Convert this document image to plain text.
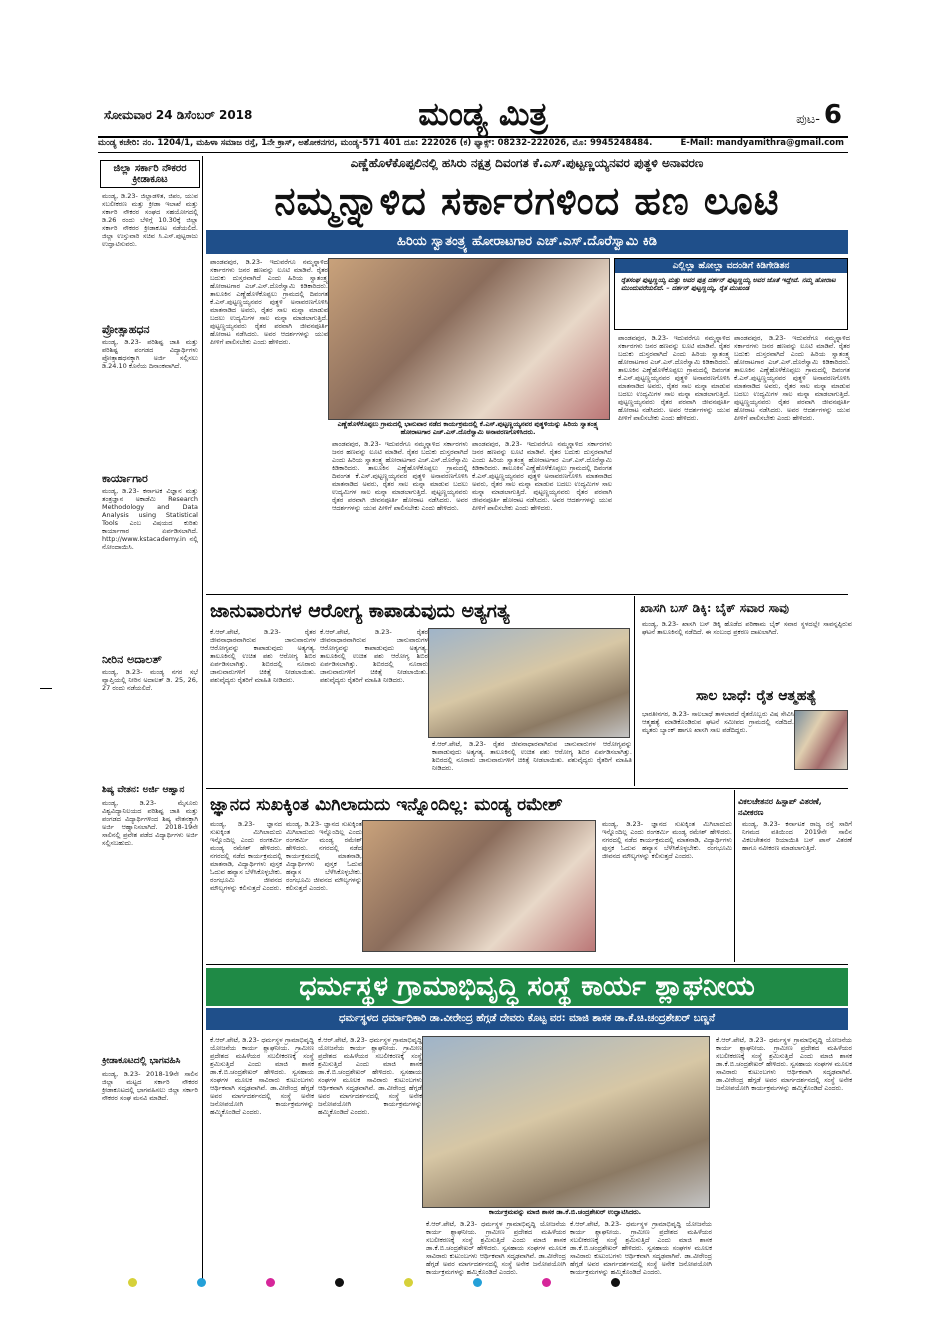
ಸೋಮವಾರ 24 ಡಿಸೆಂಬರ್ 2018	ಮಂಡ್ಯ ಮಿತ್ರ	ಪುಟ- 6
ಮಂಡ್ಯ ಕಚೇರಿ: ನಂ. 1204/1, ಮಹಿಳಾ ಸಮಾಜ ರಸ್ತೆ, 1ನೇ ಕ್ರಾಸ್, ಅಶೋಕನಗರ, ಮಂಡ್ಯ-571 401 ದೂ: 222026 (ಕ) ಫ್ಯಾಕ್ಸ್: 08232-222026, ಮೊ: 9945248484.	E-Mail: mandyamithra@gmail.com
ಜಿಲ್ಲಾ ಸರ್ಕಾರಿ ನೌಕರರ ಕ್ರೀಡಾಕೂಟ
ಮಂಡ್ಯ, ಡಿ.23- ಜಿಲ್ಲಾಡಳಿತ, ಜಿಪಂ, ಯುವ ಸಬಲೀಕರಣ ಮತ್ತು ಕ್ರೀಡಾ ಇಲಾಖೆ ಮತ್ತು ಸರ್ಕಾರಿ ನೌಕರರ ಸಂಘದ ಸಹಯೋಗದಲ್ಲಿ ಡಿ.26 ರಂದು ಬೆಳಿಗ್ಗೆ 10.30ಕ್ಕೆ ಜಿಲ್ಲಾ ಸರ್ಕಾರಿ ನೌಕರರ ಕ್ರೀಡಾಕೂಟ ನಡೆಯಲಿದೆ. ಜಿಲ್ಲಾ ಉಸ್ತುವಾರಿ ಸಚಿವ ಸಿ.ಎಸ್.ಪುಟ್ಟರಾಜು ಉದ್ಘಾಟಿಸುವರು.
ಪ್ರೋತ್ಸಾಹಧನ
ಮಂಡ್ಯ, ಡಿ.23- ಪರಿಶಿಷ್ಟ ಜಾತಿ ಮತ್ತು ಪರಿಶಿಷ್ಟ ಪಂಗಡದ ವಿದ್ಯಾರ್ಥಿಗಳು ಪ್ರೋತ್ಸಾಹಧನಕ್ಕಾಗಿ ಅರ್ಜಿ ಸಲ್ಲಿಸಲು ಡಿ.24.10 ಕೊನೆಯ ದಿನಾಂಕವಾಗಿದೆ.
ಕಾರ್ಯಾಗಾರ
ಮಂಡ್ಯ, ಡಿ.23- ಕರ್ನಾಟಕ ವಿಜ್ಞಾನ ಮತ್ತು ತಂತ್ರಜ್ಞಾನ ಅಕಾಡೆಮಿ Research Methodology and Data Analysis using Statistical Tools ಎಂಬ ವಿಷಯದ ಕುರಿತು ಕಾರ್ಯಾಗಾರ ಏರ್ಪಡಿಸಲಾಗಿದೆ. http://www.kstacademy.in ನಲ್ಲಿ ನೋಂದಾಯಿಸಿ.
ನೀರಿನ ಅದಾಲತ್
ಮಂಡ್ಯ, ಡಿ.23- ಮಂಡ್ಯ ನಗರ ಸಭೆ ವ್ಯಾಪ್ತಿಯಲ್ಲಿ ನೀರಿನ ಅದಾಲತ್ ಡಿ. 25, 26, 27 ರಂದು ನಡೆಯಲಿದೆ.
ಶಿಷ್ಯ ವೇತನ: ಅರ್ಜಿ ಆಹ್ವಾನ
ಮಂಡ್ಯ, ಡಿ.23- ಮೈಸೂರು ವಿಶ್ವವಿದ್ಯಾನಿಲಯದ ಪರಿಶಿಷ್ಟ ಜಾತಿ ಮತ್ತು ಪಂಗಡದ ವಿದ್ಯಾರ್ಥಿಗಳಿಂದ ಶಿಷ್ಯ ವೇತನಕ್ಕಾಗಿ ಅರ್ಜಿ ಆಹ್ವಾನಿಸಲಾಗಿದೆ. 2018-19ನೇ ಸಾಲಿನಲ್ಲಿ ಪ್ರವೇಶ ಪಡೆದ ವಿದ್ಯಾರ್ಥಿಗಳು ಅರ್ಜಿ ಸಲ್ಲಿಸಬಹುದು.
ಕ್ರೀಡಾಕೂಟದಲ್ಲಿ ಭಾಗವಹಿಸಿ
ಮಂಡ್ಯ, ಡಿ.23- 2018-19ನೇ ಸಾಲಿನ ಜಿಲ್ಲಾ ಮಟ್ಟದ ಸರ್ಕಾರಿ ನೌಕರರ ಕ್ರೀಡಾಕೂಟದಲ್ಲಿ ಭಾಗವಹಿಸಲು ಜಿಲ್ಲಾ ಸರ್ಕಾರಿ ನೌಕರರ ಸಂಘ ಮನವಿ ಮಾಡಿದೆ.
ಎಣ್ಣೆಹೊಳೆಕೊಪ್ಪಲಿನಲ್ಲಿ ಹಸಿರು ನಕ್ಷತ್ರ ದಿವಂಗತ ಕೆ.ಎಸ್.ಪುಟ್ಟಣ್ಣಯ್ಯನವರ ಪುತ್ಥಳಿ ಅನಾವರಣ
ನಮ್ಮನ್ನಾಳಿದ ಸರ್ಕಾರಗಳಿಂದ ಹಣ ಲೂಟಿ
ಹಿರಿಯ ಸ್ವಾತಂತ್ರ್ಯ ಹೋರಾಟಗಾರ ಎಚ್.ಎಸ್.ದೊರೆಸ್ವಾಮಿ ಕಿಡಿ
ಎಣ್ಣೆಹೊಳೆಕೊಪ್ಪಲು ಗ್ರಾಮದಲ್ಲಿ ಭಾನುವಾರ ನಡೆದ ಕಾರ್ಯಕ್ರಮದಲ್ಲಿ ಕೆ.ಎಸ್.ಪುಟ್ಟಣ್ಣಯ್ಯನವರ ಪುತ್ಥಳಿಯನ್ನು ಹಿರಿಯ ಸ್ವಾತಂತ್ರ್ಯ ಹೋರಾಟಗಾರ ಎಚ್.ಎಸ್.ದೊರೆಸ್ವಾಮಿ ಅನಾವರಣಗೊಳಿಸಿದರು.
ಎಲ್ಲಿಲ್ಲಾ ಹೋಲ್ಲಾ ವದಂಡಿಗೆ ಕಿಡಿಗೇಡಿತನ
ರೈತಸಂಘ ಪುಟ್ಟಣ್ಣಯ್ಯ ಮತ್ತು ಅವರ ಪುತ್ರ ದರ್ಶನ್ ಪುಟ್ಟಣ್ಣಯ್ಯ ಅವರ ಜೊತೆ ಇದ್ದೇವೆ. ನಮ್ಮ ಹೋರಾಟ ಮುಂದುವರೆಯಲಿದೆ. – ದರ್ಶನ್ ಪುಟ್ಟಣ್ಣಯ್ಯ, ರೈತ ಮುಖಂಡ
ಪಾಂಡವಪುರ, ಡಿ.23- ಇದುವರೆಗೂ ನಮ್ಮನ್ನಾಳಿದ ಸರ್ಕಾರಗಳು ಜನರ ಹಣವನ್ನು ಲೂಟಿ ಮಾಡಿವೆ. ರೈತರ ಬದುಕು ದುಸ್ತರವಾಗಿದೆ ಎಂದು ಹಿರಿಯ ಸ್ವಾತಂತ್ರ್ಯ ಹೋರಾಟಗಾರ ಎಚ್.ಎಸ್.ದೊರೆಸ್ವಾಮಿ ಕಿಡಿಕಾರಿದರು. ತಾಲೂಕಿನ ಎಣ್ಣೆಹೊಳೆಕೊಪ್ಪಲು ಗ್ರಾಮದಲ್ಲಿ ದಿವಂಗತ ಕೆ.ಎಸ್.ಪುಟ್ಟಣ್ಣಯ್ಯನವರ ಪುತ್ಥಳಿ ಅನಾವರಣಗೊಳಿಸಿ ಮಾತನಾಡಿದ ಅವರು, ರೈತರ ಸಾಲ ಮನ್ನಾ ಮಾಡುವ ಬದಲು ಉದ್ಯಮಿಗಳ ಸಾಲ ಮನ್ನಾ ಮಾಡಲಾಗುತ್ತಿದೆ. ಪುಟ್ಟಣ್ಣಯ್ಯನವರು ರೈತರ ಪರವಾಗಿ ಜೀವನಪೂರ್ತಿ ಹೋರಾಟ ನಡೆಸಿದರು. ಅವರ ಆದರ್ಶಗಳನ್ನು ಯುವ ಪೀಳಿಗೆ ಪಾಲಿಸಬೇಕು ಎಂದು ಹೇಳಿದರು.
ಪಾಂಡವಪುರ, ಡಿ.23- ಇದುವರೆಗೂ ನಮ್ಮನ್ನಾಳಿದ ಸರ್ಕಾರಗಳು ಜನರ ಹಣವನ್ನು ಲೂಟಿ ಮಾಡಿವೆ. ರೈತರ ಬದುಕು ದುಸ್ತರವಾಗಿದೆ ಎಂದು ಹಿರಿಯ ಸ್ವಾತಂತ್ರ್ಯ ಹೋರಾಟಗಾರ ಎಚ್.ಎಸ್.ದೊರೆಸ್ವಾಮಿ ಕಿಡಿಕಾರಿದರು. ತಾಲೂಕಿನ ಎಣ್ಣೆಹೊಳೆಕೊಪ್ಪಲು ಗ್ರಾಮದಲ್ಲಿ ದಿವಂಗತ ಕೆ.ಎಸ್.ಪುಟ್ಟಣ್ಣಯ್ಯನವರ ಪುತ್ಥಳಿ ಅನಾವರಣಗೊಳಿಸಿ ಮಾತನಾಡಿದ ಅವರು, ರೈತರ ಸಾಲ ಮನ್ನಾ ಮಾಡುವ ಬದಲು ಉದ್ಯಮಿಗಳ ಸಾಲ ಮನ್ನಾ ಮಾಡಲಾಗುತ್ತಿದೆ. ಪುಟ್ಟಣ್ಣಯ್ಯನವರು ರೈತರ ಪರವಾಗಿ ಜೀವನಪೂರ್ತಿ ಹೋರಾಟ ನಡೆಸಿದರು. ಅವರ ಆದರ್ಶಗಳನ್ನು ಯುವ ಪೀಳಿಗೆ ಪಾಲಿಸಬೇಕು ಎಂದು ಹೇಳಿದರು.
ಪಾಂಡವಪುರ, ಡಿ.23- ಇದುವರೆಗೂ ನಮ್ಮನ್ನಾಳಿದ ಸರ್ಕಾರಗಳು ಜನರ ಹಣವನ್ನು ಲೂಟಿ ಮಾಡಿವೆ. ರೈತರ ಬದುಕು ದುಸ್ತರವಾಗಿದೆ ಎಂದು ಹಿರಿಯ ಸ್ವಾತಂತ್ರ್ಯ ಹೋರಾಟಗಾರ ಎಚ್.ಎಸ್.ದೊರೆಸ್ವಾಮಿ ಕಿಡಿಕಾರಿದರು. ತಾಲೂಕಿನ ಎಣ್ಣೆಹೊಳೆಕೊಪ್ಪಲು ಗ್ರಾಮದಲ್ಲಿ ದಿವಂಗತ ಕೆ.ಎಸ್.ಪುಟ್ಟಣ್ಣಯ್ಯನವರ ಪುತ್ಥಳಿ ಅನಾವರಣಗೊಳಿಸಿ ಮಾತನಾಡಿದ ಅವರು, ರೈತರ ಸಾಲ ಮನ್ನಾ ಮಾಡುವ ಬದಲು ಉದ್ಯಮಿಗಳ ಸಾಲ ಮನ್ನಾ ಮಾಡಲಾಗುತ್ತಿದೆ. ಪುಟ್ಟಣ್ಣಯ್ಯನವರು ರೈತರ ಪರವಾಗಿ ಜೀವನಪೂರ್ತಿ ಹೋರಾಟ ನಡೆಸಿದರು. ಅವರ ಆದರ್ಶಗಳನ್ನು ಯುವ ಪೀಳಿಗೆ ಪಾಲಿಸಬೇಕು ಎಂದು ಹೇಳಿದರು.
ಪಾಂಡವಪುರ, ಡಿ.23- ಇದುವರೆಗೂ ನಮ್ಮನ್ನಾಳಿದ ಸರ್ಕಾರಗಳು ಜನರ ಹಣವನ್ನು ಲೂಟಿ ಮಾಡಿವೆ. ರೈತರ ಬದುಕು ದುಸ್ತರವಾಗಿದೆ ಎಂದು ಹಿರಿಯ ಸ್ವಾತಂತ್ರ್ಯ ಹೋರಾಟಗಾರ ಎಚ್.ಎಸ್.ದೊರೆಸ್ವಾಮಿ ಕಿಡಿಕಾರಿದರು. ತಾಲೂಕಿನ ಎಣ್ಣೆಹೊಳೆಕೊಪ್ಪಲು ಗ್ರಾಮದಲ್ಲಿ ದಿವಂಗತ ಕೆ.ಎಸ್.ಪುಟ್ಟಣ್ಣಯ್ಯನವರ ಪುತ್ಥಳಿ ಅನಾವರಣಗೊಳಿಸಿ ಮಾತನಾಡಿದ ಅವರು, ರೈತರ ಸಾಲ ಮನ್ನಾ ಮಾಡುವ ಬದಲು ಉದ್ಯಮಿಗಳ ಸಾಲ ಮನ್ನಾ ಮಾಡಲಾಗುತ್ತಿದೆ. ಪುಟ್ಟಣ್ಣಯ್ಯನವರು ರೈತರ ಪರವಾಗಿ ಜೀವನಪೂರ್ತಿ ಹೋರಾಟ ನಡೆಸಿದರು. ಅವರ ಆದರ್ಶಗಳನ್ನು ಯುವ ಪೀಳಿಗೆ ಪಾಲಿಸಬೇಕು ಎಂದು ಹೇಳಿದರು.
ಪಾಂಡವಪುರ, ಡಿ.23- ಇದುವರೆಗೂ ನಮ್ಮನ್ನಾಳಿದ ಸರ್ಕಾರಗಳು ಜನರ ಹಣವನ್ನು ಲೂಟಿ ಮಾಡಿವೆ. ರೈತರ ಬದುಕು ದುಸ್ತರವಾಗಿದೆ ಎಂದು ಹಿರಿಯ ಸ್ವಾತಂತ್ರ್ಯ ಹೋರಾಟಗಾರ ಎಚ್.ಎಸ್.ದೊರೆಸ್ವಾಮಿ ಕಿಡಿಕಾರಿದರು. ತಾಲೂಕಿನ ಎಣ್ಣೆಹೊಳೆಕೊಪ್ಪಲು ಗ್ರಾಮದಲ್ಲಿ ದಿವಂಗತ ಕೆ.ಎಸ್.ಪುಟ್ಟಣ್ಣಯ್ಯನವರ ಪುತ್ಥಳಿ ಅನಾವರಣಗೊಳಿಸಿ ಮಾತನಾಡಿದ ಅವರು, ರೈತರ ಸಾಲ ಮನ್ನಾ ಮಾಡುವ ಬದಲು ಉದ್ಯಮಿಗಳ ಸಾಲ ಮನ್ನಾ ಮಾಡಲಾಗುತ್ತಿದೆ. ಪುಟ್ಟಣ್ಣಯ್ಯನವರು ರೈತರ ಪರವಾಗಿ ಜೀವನಪೂರ್ತಿ ಹೋರಾಟ ನಡೆಸಿದರು. ಅವರ ಆದರ್ಶಗಳನ್ನು ಯುವ ಪೀಳಿಗೆ ಪಾಲಿಸಬೇಕು ಎಂದು ಹೇಳಿದರು.
ಜಾನುವಾರುಗಳ ಆರೋಗ್ಯ ಕಾಪಾಡುವುದು ಅತ್ಯಗತ್ಯ
ಕೆ.ಆರ್.ಪೇಟೆ, ಡಿ.23- ರೈತರ ಜೀವನಾಧಾರವಾಗಿರುವ ಜಾನುವಾರುಗಳ ಆರೋಗ್ಯವನ್ನು ಕಾಪಾಡುವುದು ಅತ್ಯಗತ್ಯ. ತಾಲೂಕಿನಲ್ಲಿ ಉಚಿತ ಪಶು ಆರೋಗ್ಯ ಶಿಬಿರ ಏರ್ಪಡಿಸಲಾಗಿತ್ತು. ಶಿಬಿರದಲ್ಲಿ ನೂರಾರು ಜಾನುವಾರುಗಳಿಗೆ ಚಿಕಿತ್ಸೆ ನೀಡಲಾಯಿತು. ಪಶುವೈದ್ಯರು ರೈತರಿಗೆ ಮಾಹಿತಿ ನೀಡಿದರು.
ಕೆ.ಆರ್.ಪೇಟೆ, ಡಿ.23- ರೈತರ ಜೀವನಾಧಾರವಾಗಿರುವ ಜಾನುವಾರುಗಳ ಆರೋಗ್ಯವನ್ನು ಕಾಪಾಡುವುದು ಅತ್ಯಗತ್ಯ. ತಾಲೂಕಿನಲ್ಲಿ ಉಚಿತ ಪಶು ಆರೋಗ್ಯ ಶಿಬಿರ ಏರ್ಪಡಿಸಲಾಗಿತ್ತು. ಶಿಬಿರದಲ್ಲಿ ನೂರಾರು ಜಾನುವಾರುಗಳಿಗೆ ಚಿಕಿತ್ಸೆ ನೀಡಲಾಯಿತು. ಪಶುವೈದ್ಯರು ರೈತರಿಗೆ ಮಾಹಿತಿ ನೀಡಿದರು.
ಕೆ.ಆರ್.ಪೇಟೆ, ಡಿ.23- ರೈತರ ಜೀವನಾಧಾರವಾಗಿರುವ ಜಾನುವಾರುಗಳ ಆರೋಗ್ಯವನ್ನು ಕಾಪಾಡುವುದು ಅತ್ಯಗತ್ಯ. ತಾಲೂಕಿನಲ್ಲಿ ಉಚಿತ ಪಶು ಆರೋಗ್ಯ ಶಿಬಿರ ಏರ್ಪಡಿಸಲಾಗಿತ್ತು. ಶಿಬಿರದಲ್ಲಿ ನೂರಾರು ಜಾನುವಾರುಗಳಿಗೆ ಚಿಕಿತ್ಸೆ ನೀಡಲಾಯಿತು. ಪಶುವೈದ್ಯರು ರೈತರಿಗೆ ಮಾಹಿತಿ ನೀಡಿದರು.
ಖಾಸಗಿ ಬಸ್ ಡಿಕ್ಕಿ: ಬೈಕ್ ಸವಾರ ಸಾವು
ಮಂಡ್ಯ, ಡಿ.23- ಖಾಸಗಿ ಬಸ್ ಡಿಕ್ಕಿ ಹೊಡೆದ ಪರಿಣಾಮ ಬೈಕ್ ಸವಾರ ಸ್ಥಳದಲ್ಲೇ ಸಾವನ್ನಪ್ಪಿರುವ ಘಟನೆ ತಾಲೂಕಿನಲ್ಲಿ ನಡೆದಿದೆ. ಈ ಸಂಬಂಧ ಪ್ರಕರಣ ದಾಖಲಾಗಿದೆ.
ಸಾಲ ಬಾಧೆ: ರೈತ ಆತ್ಮಹತ್ಯೆ
ಭಾರತೀನಗರ, ಡಿ.23- ಸಾಲಬಾಧೆ ತಾಳಲಾರದೆ ರೈತರೊಬ್ಬರು ವಿಷ ಸೇವಿಸಿ ಆತ್ಮಹತ್ಯೆ ಮಾಡಿಕೊಂಡಿರುವ ಘಟನೆ ಸಮೀಪದ ಗ್ರಾಮದಲ್ಲಿ ನಡೆದಿದೆ. ಮೃತರು ಬ್ಯಾಂಕ್ ಹಾಗೂ ಖಾಸಗಿ ಸಾಲ ಪಡೆದಿದ್ದರು.
ಜ್ಞಾನದ ಸುಖಕ್ಕಿಂತ ಮಿಗಿಲಾದುದು ಇನ್ನೊಂದಿಲ್ಲ: ಮಂಡ್ಯ ರಮೇಶ್
ಮಂಡ್ಯ, ಡಿ.23- ಜ್ಞಾನದ ಸುಖಕ್ಕಿಂತ ಮಿಗಿಲಾದುದು ಇನ್ನೊಂದಿಲ್ಲ ಎಂದು ರಂಗಕರ್ಮಿ ಮಂಡ್ಯ ರಮೇಶ್ ಹೇಳಿದರು. ನಗರದಲ್ಲಿ ನಡೆದ ಕಾರ್ಯಕ್ರಮದಲ್ಲಿ ಮಾತನಾಡಿ, ವಿದ್ಯಾರ್ಥಿಗಳು ಪುಸ್ತಕ ಓದುವ ಹವ್ಯಾಸ ಬೆಳೆಸಿಕೊಳ್ಳಬೇಕು. ರಂಗಭೂಮಿ ಜೀವನದ ಮೌಲ್ಯಗಳನ್ನು ಕಲಿಸುತ್ತದೆ ಎಂದರು.
ಮಂಡ್ಯ, ಡಿ.23- ಜ್ಞಾನದ ಸುಖಕ್ಕಿಂತ ಮಿಗಿಲಾದುದು ಇನ್ನೊಂದಿಲ್ಲ ಎಂದು ರಂಗಕರ್ಮಿ ಮಂಡ್ಯ ರಮೇಶ್ ಹೇಳಿದರು. ನಗರದಲ್ಲಿ ನಡೆದ ಕಾರ್ಯಕ್ರಮದಲ್ಲಿ ಮಾತನಾಡಿ, ವಿದ್ಯಾರ್ಥಿಗಳು ಪುಸ್ತಕ ಓದುವ ಹವ್ಯಾಸ ಬೆಳೆಸಿಕೊಳ್ಳಬೇಕು. ರಂಗಭೂಮಿ ಜೀವನದ ಮೌಲ್ಯಗಳನ್ನು ಕಲಿಸುತ್ತದೆ ಎಂದರು.
ಮಂಡ್ಯ, ಡಿ.23- ಜ್ಞಾನದ ಸುಖಕ್ಕಿಂತ ಮಿಗಿಲಾದುದು ಇನ್ನೊಂದಿಲ್ಲ ಎಂದು ರಂಗಕರ್ಮಿ ಮಂಡ್ಯ ರಮೇಶ್ ಹೇಳಿದರು. ನಗರದಲ್ಲಿ ನಡೆದ ಕಾರ್ಯಕ್ರಮದಲ್ಲಿ ಮಾತನಾಡಿ, ವಿದ್ಯಾರ್ಥಿಗಳು ಪುಸ್ತಕ ಓದುವ ಹವ್ಯಾಸ ಬೆಳೆಸಿಕೊಳ್ಳಬೇಕು. ರಂಗಭೂಮಿ ಜೀವನದ ಮೌಲ್ಯಗಳನ್ನು ಕಲಿಸುತ್ತದೆ ಎಂದರು.
ವಿಕಲಚೇತನರ ಹಿಸ್ಪಾಪ್ ವಿತರಣೆ, ನವೀಕರಣ
ಮಂಡ್ಯ, ಡಿ.23- ಕರ್ನಾಟಕ ರಾಜ್ಯ ರಸ್ತೆ ಸಾರಿಗೆ ನಿಗಮದ ವತಿಯಿಂದ 2019ನೇ ಸಾಲಿನ ವಿಕಲಚೇತನರ ರಿಯಾಯಿತಿ ಬಸ್ ಪಾಸ್ ವಿತರಣೆ ಹಾಗೂ ನವೀಕರಣ ಮಾಡಲಾಗುತ್ತಿದೆ.
ಧರ್ಮಸ್ಥಳ ಗ್ರಾಮಾಭಿವೃದ್ಧಿ ಸಂಸ್ಥೆ ಕಾರ್ಯ ಶ್ಲಾಘನೀಯ
ಧರ್ಮಸ್ಥಳದ ಧರ್ಮಾಧಿಕಾರಿ ಡಾ.ವೀರೇಂದ್ರ ಹೆಗ್ಗಡೆ ದೇವರು ಕೊಟ್ಟ ವರ: ಮಾಜಿ ಶಾಸಕ ಡಾ.ಕೆ.ಚಿ.ಚಂದ್ರಶೇಖರ್ ಬಣ್ಣನೆ
ಕಾರ್ಯಕ್ರಮವನ್ನು ಮಾಜಿ ಶಾಸಕ ಡಾ.ಕೆ.ಬಿ.ಚಂದ್ರಶೇಖರ್ ಉದ್ಘಾಟಿಸಿದರು.
ಕೆ.ಆರ್.ಪೇಟೆ, ಡಿ.23- ಧರ್ಮಸ್ಥಳ ಗ್ರಾಮಾಭಿವೃದ್ಧಿ ಯೋಜನೆಯ ಕಾರ್ಯ ಶ್ಲಾಘನೀಯ. ಗ್ರಾಮೀಣ ಪ್ರದೇಶದ ಮಹಿಳೆಯರ ಸಬಲೀಕರಣಕ್ಕೆ ಸಂಸ್ಥೆ ಶ್ರಮಿಸುತ್ತಿದೆ ಎಂದು ಮಾಜಿ ಶಾಸಕ ಡಾ.ಕೆ.ಬಿ.ಚಂದ್ರಶೇಖರ್ ಹೇಳಿದರು. ಸ್ವಸಹಾಯ ಸಂಘಗಳ ಮೂಲಕ ಸಾವಿರಾರು ಕುಟುಂಬಗಳು ಆರ್ಥಿಕವಾಗಿ ಸದೃಢವಾಗಿವೆ. ಡಾ.ವೀರೇಂದ್ರ ಹೆಗ್ಗಡೆ ಅವರ ಮಾರ್ಗದರ್ಶನದಲ್ಲಿ ಸಂಸ್ಥೆ ಅನೇಕ ಜನೋಪಯೋಗಿ ಕಾರ್ಯಕ್ರಮಗಳನ್ನು ಹಮ್ಮಿಕೊಂಡಿದೆ ಎಂದರು.
ಕೆ.ಆರ್.ಪೇಟೆ, ಡಿ.23- ಧರ್ಮಸ್ಥಳ ಗ್ರಾಮಾಭಿವೃದ್ಧಿ ಯೋಜನೆಯ ಕಾರ್ಯ ಶ್ಲಾಘನೀಯ. ಗ್ರಾಮೀಣ ಪ್ರದೇಶದ ಮಹಿಳೆಯರ ಸಬಲೀಕರಣಕ್ಕೆ ಸಂಸ್ಥೆ ಶ್ರಮಿಸುತ್ತಿದೆ ಎಂದು ಮಾಜಿ ಶಾಸಕ ಡಾ.ಕೆ.ಬಿ.ಚಂದ್ರಶೇಖರ್ ಹೇಳಿದರು. ಸ್ವಸಹಾಯ ಸಂಘಗಳ ಮೂಲಕ ಸಾವಿರಾರು ಕುಟುಂಬಗಳು ಆರ್ಥಿಕವಾಗಿ ಸದೃಢವಾಗಿವೆ. ಡಾ.ವೀರೇಂದ್ರ ಹೆಗ್ಗಡೆ ಅವರ ಮಾರ್ಗದರ್ಶನದಲ್ಲಿ ಸಂಸ್ಥೆ ಅನೇಕ ಜನೋಪಯೋಗಿ ಕಾರ್ಯಕ್ರಮಗಳನ್ನು ಹಮ್ಮಿಕೊಂಡಿದೆ ಎಂದರು.
ಕೆ.ಆರ್.ಪೇಟೆ, ಡಿ.23- ಧರ್ಮಸ್ಥಳ ಗ್ರಾಮಾಭಿವೃದ್ಧಿ ಯೋಜನೆಯ ಕಾರ್ಯ ಶ್ಲಾಘನೀಯ. ಗ್ರಾಮೀಣ ಪ್ರದೇಶದ ಮಹಿಳೆಯರ ಸಬಲೀಕರಣಕ್ಕೆ ಸಂಸ್ಥೆ ಶ್ರಮಿಸುತ್ತಿದೆ ಎಂದು ಮಾಜಿ ಶಾಸಕ ಡಾ.ಕೆ.ಬಿ.ಚಂದ್ರಶೇಖರ್ ಹೇಳಿದರು. ಸ್ವಸಹಾಯ ಸಂಘಗಳ ಮೂಲಕ ಸಾವಿರಾರು ಕುಟುಂಬಗಳು ಆರ್ಥಿಕವಾಗಿ ಸದೃಢವಾಗಿವೆ. ಡಾ.ವೀರೇಂದ್ರ ಹೆಗ್ಗಡೆ ಅವರ ಮಾರ್ಗದರ್ಶನದಲ್ಲಿ ಸಂಸ್ಥೆ ಅನೇಕ ಜನೋಪಯೋಗಿ ಕಾರ್ಯಕ್ರಮಗಳನ್ನು ಹಮ್ಮಿಕೊಂಡಿದೆ ಎಂದರು.
ಕೆ.ಆರ್.ಪೇಟೆ, ಡಿ.23- ಧರ್ಮಸ್ಥಳ ಗ್ರಾಮಾಭಿವೃದ್ಧಿ ಯೋಜನೆಯ ಕಾರ್ಯ ಶ್ಲಾಘನೀಯ. ಗ್ರಾಮೀಣ ಪ್ರದೇಶದ ಮಹಿಳೆಯರ ಸಬಲೀಕರಣಕ್ಕೆ ಸಂಸ್ಥೆ ಶ್ರಮಿಸುತ್ತಿದೆ ಎಂದು ಮಾಜಿ ಶಾಸಕ ಡಾ.ಕೆ.ಬಿ.ಚಂದ್ರಶೇಖರ್ ಹೇಳಿದರು. ಸ್ವಸಹಾಯ ಸಂಘಗಳ ಮೂಲಕ ಸಾವಿರಾರು ಕುಟುಂಬಗಳು ಆರ್ಥಿಕವಾಗಿ ಸದೃಢವಾಗಿವೆ. ಡಾ.ವೀರೇಂದ್ರ ಹೆಗ್ಗಡೆ ಅವರ ಮಾರ್ಗದರ್ಶನದಲ್ಲಿ ಸಂಸ್ಥೆ ಅನೇಕ ಜನೋಪಯೋಗಿ ಕಾರ್ಯಕ್ರಮಗಳನ್ನು ಹಮ್ಮಿಕೊಂಡಿದೆ ಎಂದರು.
ಕೆ.ಆರ್.ಪೇಟೆ, ಡಿ.23- ಧರ್ಮಸ್ಥಳ ಗ್ರಾಮಾಭಿವೃದ್ಧಿ ಯೋಜನೆಯ ಕಾರ್ಯ ಶ್ಲಾಘನೀಯ. ಗ್ರಾಮೀಣ ಪ್ರದೇಶದ ಮಹಿಳೆಯರ ಸಬಲೀಕರಣಕ್ಕೆ ಸಂಸ್ಥೆ ಶ್ರಮಿಸುತ್ತಿದೆ ಎಂದು ಮಾಜಿ ಶಾಸಕ ಡಾ.ಕೆ.ಬಿ.ಚಂದ್ರಶೇಖರ್ ಹೇಳಿದರು. ಸ್ವಸಹಾಯ ಸಂಘಗಳ ಮೂಲಕ ಸಾವಿರಾರು ಕುಟುಂಬಗಳು ಆರ್ಥಿಕವಾಗಿ ಸದೃಢವಾಗಿವೆ. ಡಾ.ವೀರೇಂದ್ರ ಹೆಗ್ಗಡೆ ಅವರ ಮಾರ್ಗದರ್ಶನದಲ್ಲಿ ಸಂಸ್ಥೆ ಅನೇಕ ಜನೋಪಯೋಗಿ ಕಾರ್ಯಕ್ರಮಗಳನ್ನು ಹಮ್ಮಿಕೊಂಡಿದೆ ಎಂದರು.
